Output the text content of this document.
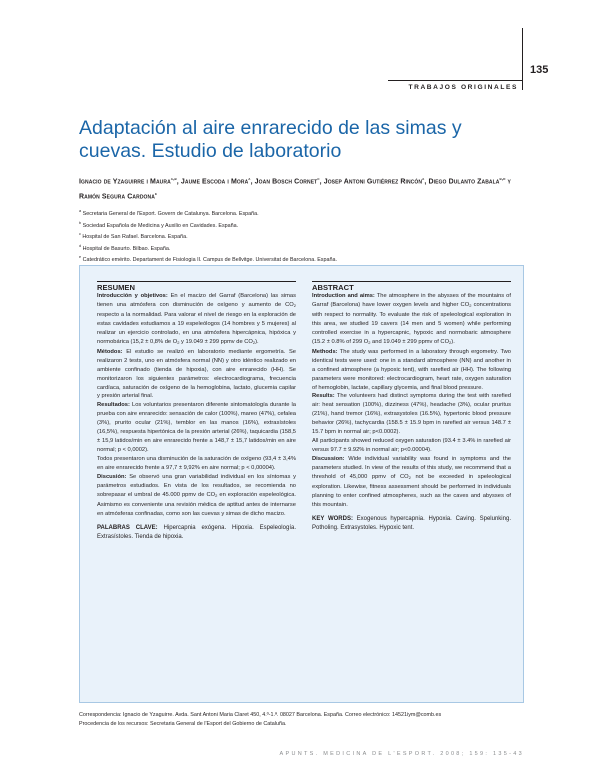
135
TRABAJOS ORIGINALES
Adaptación al aire enrarecido de las simas y cuevas. Estudio de laboratorio
Ignacio de Yzaguirre i Maura$^{a,b}$, Jaume Escoda i Mora$^a$, Joan Bosch Cornet$^c$, Josep Antoni Gutiérrez Rincón$^a$, Diego Dulanto Zabala$^{b,d}$ y Ramón Segura Cardona$^e$
$^a$ Secretaria General de l'Esport. Govern de Catalunya. Barcelona. España.
$^b$ Sociedad Española de Medicina y Auxilio en Cavidades. España.
$^c$ Hospital de San Rafael. Barcelona. España.
$^d$ Hospital de Basurto. Bilbao. España.
$^e$ Catedrático emérito. Departament de Fisiologia II. Campus de Bellvitge. Universitat de Barcelona. España.
RESUMEN

Introducción y objetivos: En el macizo del Garraf (Barcelona) las simas tienen una atmósfera con disminución de oxígeno y aumento de $CO_2$ respecto a la normalidad. Para valorar el nivel de riesgo en la exploración de estas cavidades estudiamos a 19 espeleólogos (14 hombres y 5 mujeres) al realizar un ejercicio controlado, en una atmósfera hipercápnica, hipóxica y normobárica (15,2 ± 0,8% de $O_2$ y 19.049 ± 299 ppmv de $CO_2$).

Métodos: El estudio se realizó en laboratorio mediante ergometría. Se realizaron 2 tests, uno en atmósfera normal (NN) y otro idéntico realizado en ambiente confinado (tienda de hipoxia), con aire enrarecido (HH). Se monitorizaron los siguientes parámetros: electrocardiograma, frecuencia cardíaca, saturación de oxígeno de la hemoglobina, lactato, glucemia capilar y presión arterial final.

Resultados: Los voluntarios presentaron diferente sintomatología durante la prueba con aire enrarecido: sensación de calor (100%), mareo (47%), cefalea (3%), prurito ocular (21%), temblor en las manos (16%), extrasístoles (16,5%), respuesta hipertónica de la presión arterial (26%), taquicardia (158,5 ± 15,9 latidos/min en aire enrarecido frente a 148,7 ± 15,7 latidos/min en aire normal; p < 0,0002).

Todos presentaron una disminución de la saturación de oxígeno (93,4 ± 3,4% en aire enrarecido frente a 97,7 ± 9,92% en aire normal; p < 0,00004).

Discusión: Se observó una gran variabilidad individual en los síntomas y parámetros estudiados. En vista de los resultados, se recomienda no sobrepasar el umbral de 45.000 ppmv de $CO_2$ en exploración espeleológica. Asimismo es conveniente una revisión médica de aptitud antes de internarse en atmósferas confinadas, como son las cuevas y simas de dicho macizo.

PALABRAS CLAVE: Hipercapnia exógena. Hipoxia. Espeleología. Extrasístoles. Tienda de hipoxia.

ABSTRACT

Introduction and aims: The atmosphere in the abysses of the mountains of Garraf (Barcelona) have lower oxygen levels and higher $CO_2$ concentrations with respect to normality. To evaluate the risk of speleological exploration in this area, we studied 19 cavers (14 men and 5 women) while performing controlled exercise in a hypercapnic, hypoxic and normobaric atmosphere (15.2 ± 0.8% of 299 $O_2$ and 19.049 ± 299 ppmv of $CO_2$).

Methods: The study was performed in a laboratory through ergometry. Two identical tests were used: one in a standard atmosphere (NN) and another in a confined atmosphere (a hypoxic tent), with rarefied air (HH). The following parameters were monitored: electrocardiogram, heart rate, oxygen saturation of hemoglobin, lactate, capillary glycemia, and final blood pressure.

Results: The volunteers had distinct symptoms during the test with rarefied air: heat sensation (100%), dizziness (47%), headache (3%), ocular pruritus (21%), hand tremor (16%), extrasystoles (16.5%), hypertonic blood pressure behavior (26%), tachycardia (158.5 ± 15.9 bpm in rarefied air versus 148.7 ± 15.7 bpm in normal air; p<0.0002).

All participants showed reduced oxygen saturation (93.4 ± 3.4% in rarefied air versus 97.7 ± 9.92% in normal air; p<0.00004).

Discussion: Wide individual variability was found in symptoms and the parameters studied. In view of the results of this study, we recommend that a threshold of 45,000 ppmv of $CO_2$ not be exceeded in speleological exploration. Likewise, fitness assessment should be performed in individuals planning to enter confined atmospheres, such as the caves and abysses of this mountain.

KEY WORDS: Exogenous hypercapnia. Hypoxia. Caving. Spelunking. Potholing. Extrasystoles. Hypoxic tent.

Correspondencia: Ignacio de Yzaguirre. Avda. Sant Antoni Maria Claret 450, 4.º-1.ª. 08027 Barcelona. España. Correo electrónico: 14521iym@comb.es
Procedencia de los recursos: Secretaria General de l'Esport del Gobierno de Cataluña.
APUNTS. MEDICINA DE L'ESPORT. 2008; 159: 135-43
